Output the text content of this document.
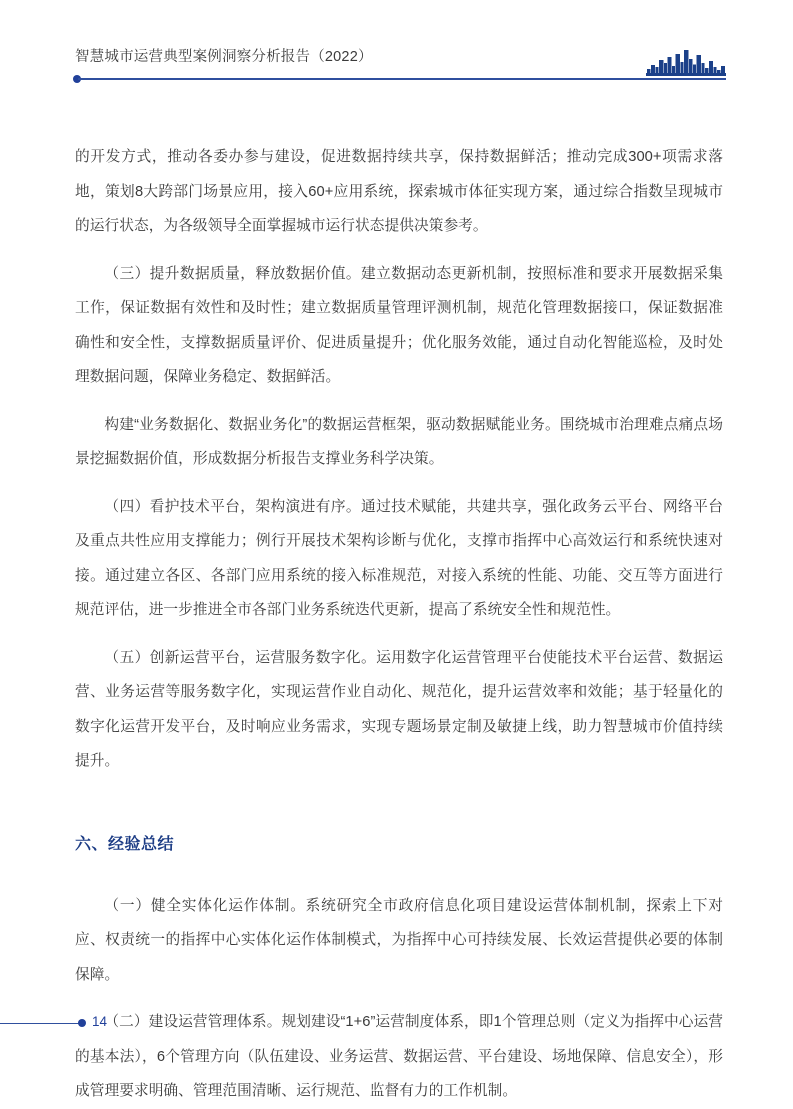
智慧城市运营典型案例洞察分析报告（2022）

的开发方式，推动各委办参与建设，促进数据持续共享，保持数据鲜活；推动完成300+项需求落地，策划8大跨部门场景应用，接入60+应用系统，探索城市体征实现方案，通过综合指数呈现城市的运行状态，为各级领导全面掌握城市运行状态提供决策参考。

（三）提升数据质量，释放数据价值。建立数据动态更新机制，按照标准和要求开展数据采集工作，保证数据有效性和及时性；建立数据质量管理评测机制，规范化管理数据接口，保证数据准确性和安全性，支撑数据质量评价、促进质量提升；优化服务效能，通过自动化智能巡检，及时处理数据问题，保障业务稳定、数据鲜活。

构建“业务数据化、数据业务化”的数据运营框架，驱动数据赋能业务。围绕城市治理难点痛点场景挖掘数据价值，形成数据分析报告支撑业务科学决策。

（四）看护技术平台，架构演进有序。通过技术赋能，共建共享，强化政务云平台、网络平台及重点共性应用支撑能力；例行开展技术架构诊断与优化，支撑市指挥中心高效运行和系统快速对接。通过建立各区、各部门应用系统的接入标准规范，对接入系统的性能、功能、交互等方面进行规范评估，进一步推进全市各部门业务系统迭代更新，提高了系统安全性和规范性。

（五）创新运营平台，运营服务数字化。运用数字化运营管理平台使能技术平台运营、数据运营、业务运营等服务数字化，实现运营作业自动化、规范化，提升运营效率和效能；基于轻量化的数字化运营开发平台，及时响应业务需求，实现专题场景定制及敏捷上线，助力智慧城市价值持续提升。

六、经验总结

（一）健全实体化运作体制。系统研究全市政府信息化项目建设运营体制机制，探索上下对应、权责统一的指挥中心实体化运作体制模式，为指挥中心可持续发展、长效运营提供必要的体制保障。

（二）建设运营管理体系。规划建设“1+6”运营制度体系，即1个管理总则（定义为指挥中心运营的基本法），6个管理方向（队伍建设、业务运营、数据运营、平台建设、场地保障、信息安全），形成管理要求明确、管理范围清晰、运行规范、监督有力的工作机制。

14
